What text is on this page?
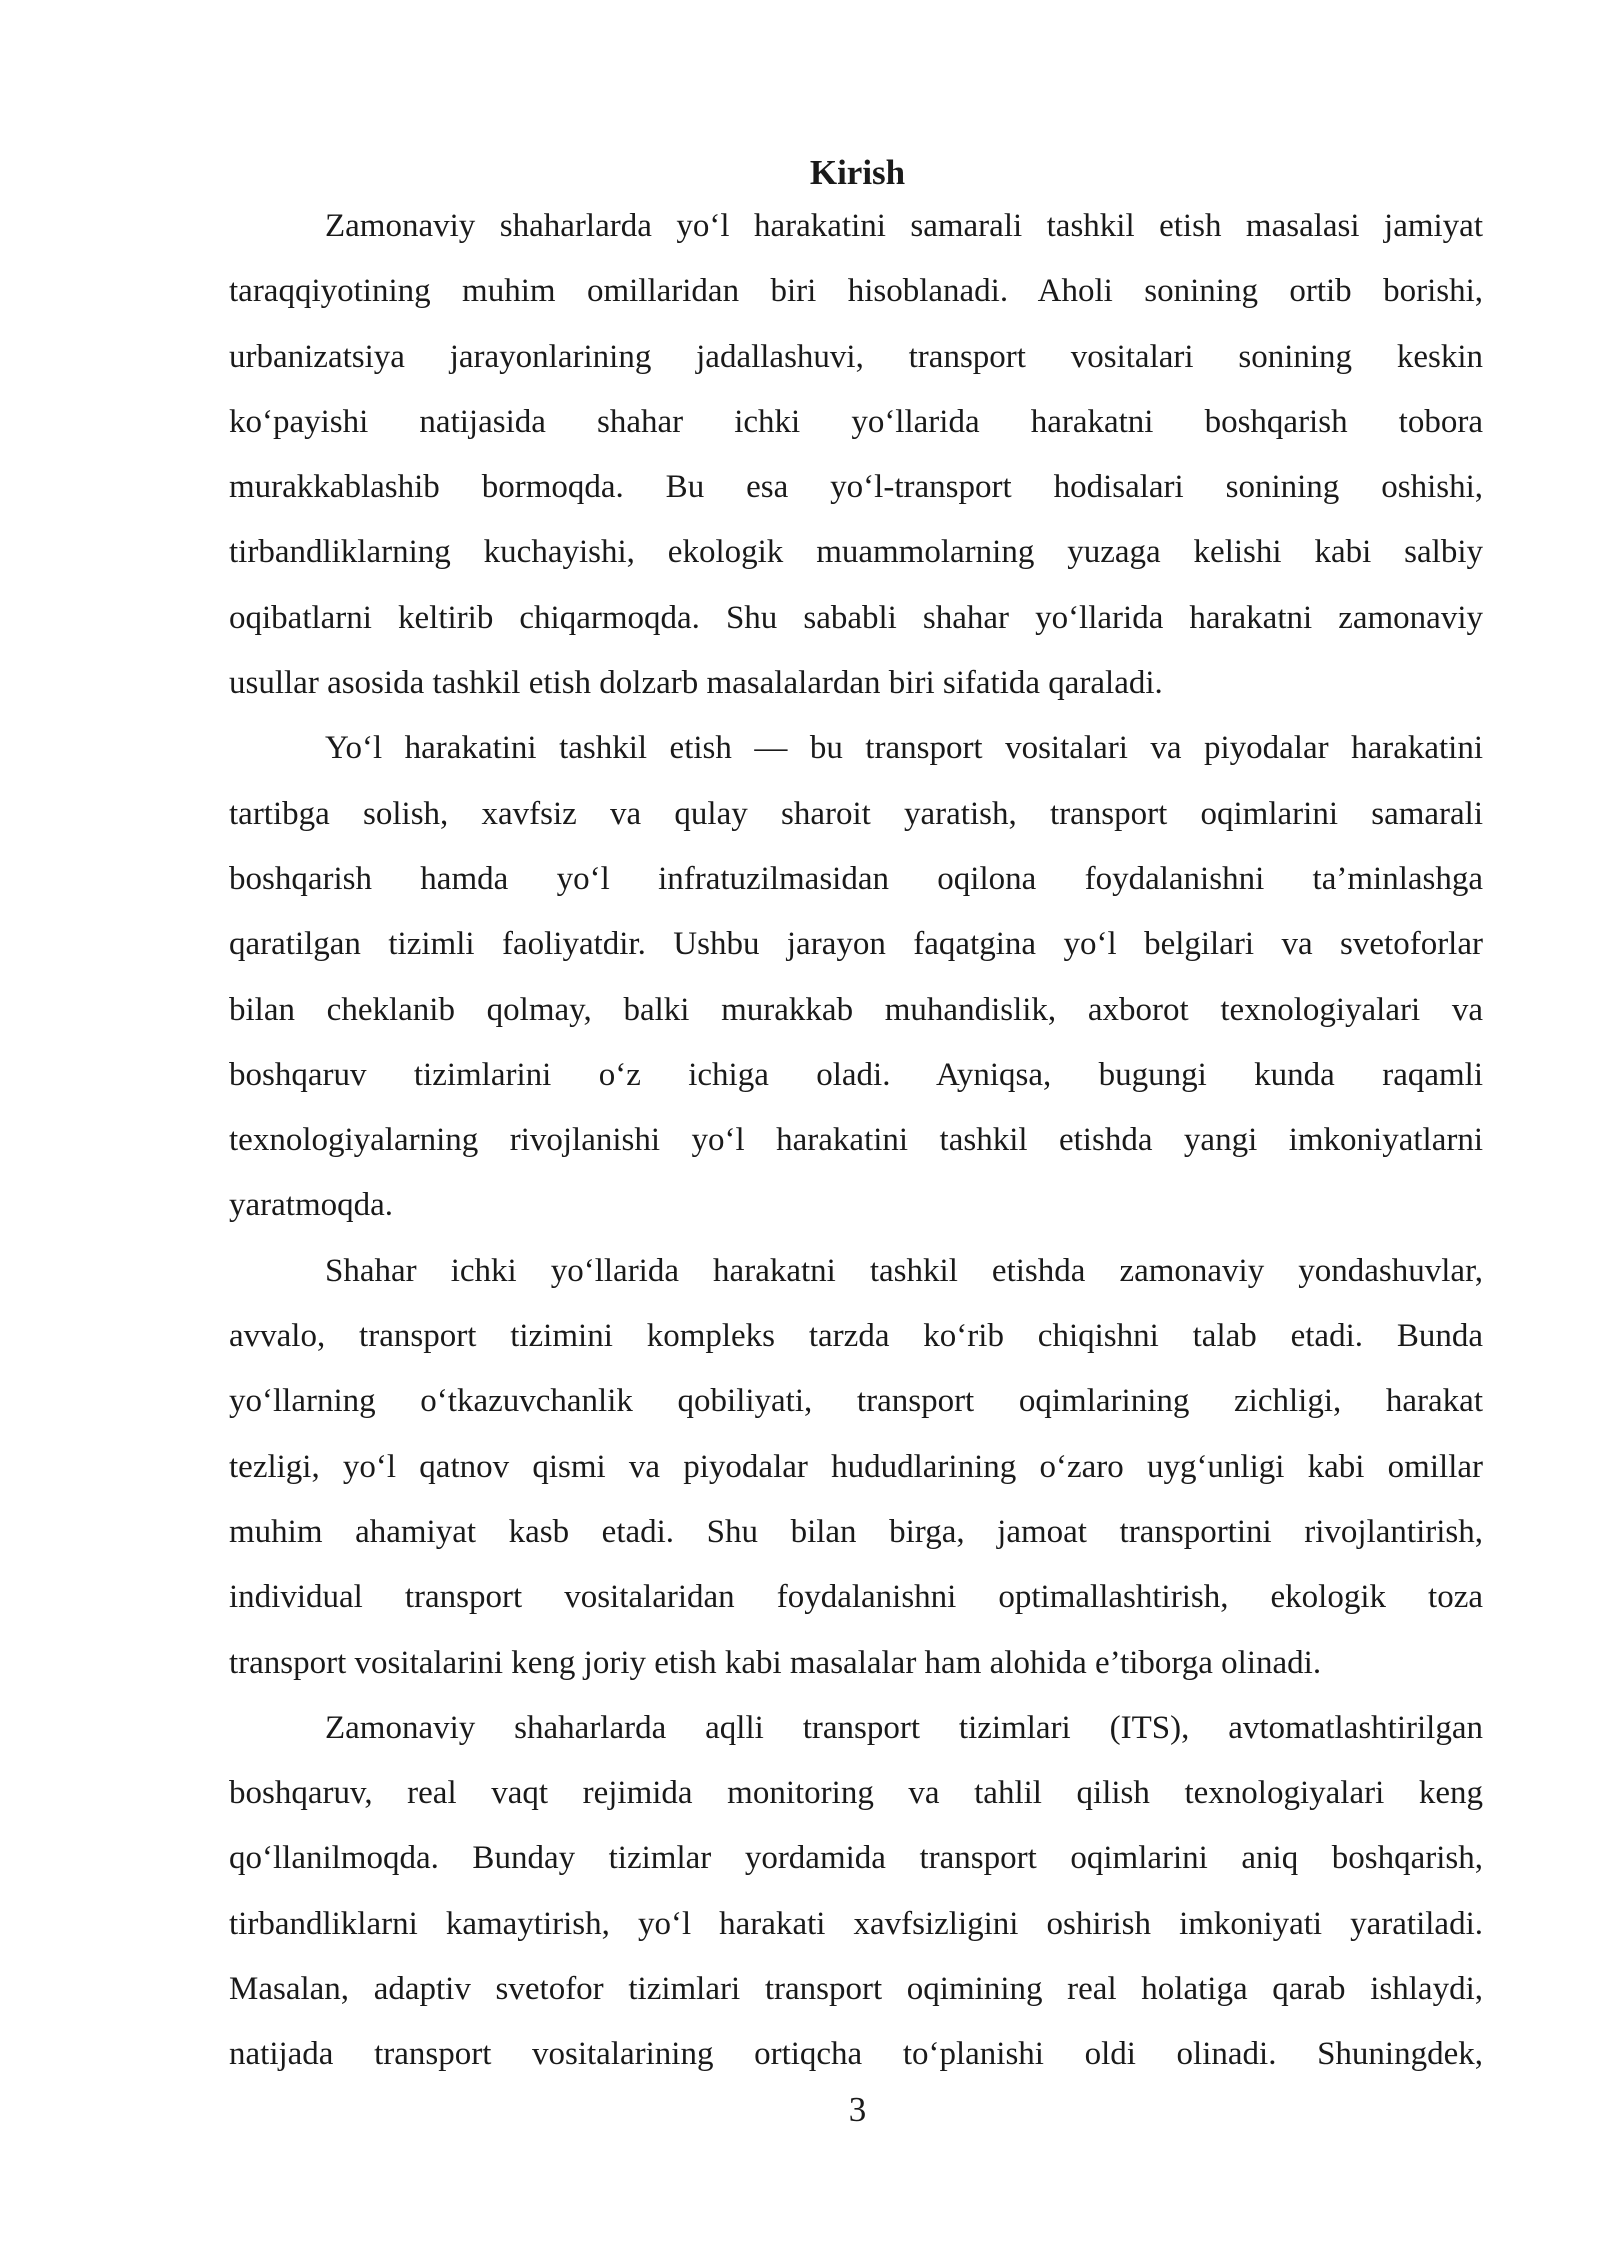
Kirish

Zamonaviy shaharlarda yo‘l harakatini samarali tashkil etish masalasi jamiyat
taraqqiyotining muhim omillaridan biri hisoblanadi. Aholi sonining ortib borishi,
urbanizatsiya jarayonlarining jadallashuvi, transport vositalari sonining keskin
ko‘payishi natijasida shahar ichki yo‘llarida harakatni boshqarish tobora
murakkablashib bormoqda. Bu esa yo‘l-transport hodisalari sonining oshishi,
tirbandliklarning kuchayishi, ekologik muammolarning yuzaga kelishi kabi salbiy
oqibatlarni keltirib chiqarmoqda. Shu sababli shahar yo‘llarida harakatni zamonaviy
usullar asosida tashkil etish dolzarb masalalardan biri sifatida qaraladi.

Yo‘l harakatini tashkil etish — bu transport vositalari va piyodalar harakatini
tartibga solish, xavfsiz va qulay sharoit yaratish, transport oqimlarini samarali
boshqarish hamda yo‘l infratuzilmasidan oqilona foydalanishni ta’minlashga
qaratilgan tizimli faoliyatdir. Ushbu jarayon faqatgina yo‘l belgilari va svetoforlar
bilan cheklanib qolmay, balki murakkab muhandislik, axborot texnologiyalari va
boshqaruv tizimlarini o‘z ichiga oladi. Ayniqsa, bugungi kunda raqamli
texnologiyalarning rivojlanishi yo‘l harakatini tashkil etishda yangi imkoniyatlarni
yaratmoqda.

Shahar ichki yo‘llarida harakatni tashkil etishda zamonaviy yondashuvlar,
avvalo, transport tizimini kompleks tarzda ko‘rib chiqishni talab etadi. Bunda
yo‘llarning o‘tkazuvchanlik qobiliyati, transport oqimlarining zichligi, harakat
tezligi, yo‘l qatnov qismi va piyodalar hududlarining o‘zaro uyg‘unligi kabi omillar
muhim ahamiyat kasb etadi. Shu bilan birga, jamoat transportini rivojlantirish,
individual transport vositalaridan foydalanishni optimallashtirish, ekologik toza
transport vositalarini keng joriy etish kabi masalalar ham alohida e’tiborga olinadi.

Zamonaviy shaharlarda aqlli transport tizimlari (ITS), avtomatlashtirilgan
boshqaruv, real vaqt rejimida monitoring va tahlil qilish texnologiyalari keng
qo‘llanilmoqda. Bunday tizimlar yordamida transport oqimlarini aniq boshqarish,
tirbandliklarni kamaytirish, yo‘l harakati xavfsizligini oshirish imkoniyati yaratiladi.
Masalan, adaptiv svetofor tizimlari transport oqimining real holatiga qarab ishlaydi,
natijada transport vositalarining ortiqcha to‘planishi oldi olinadi. Shuningdek,

3
